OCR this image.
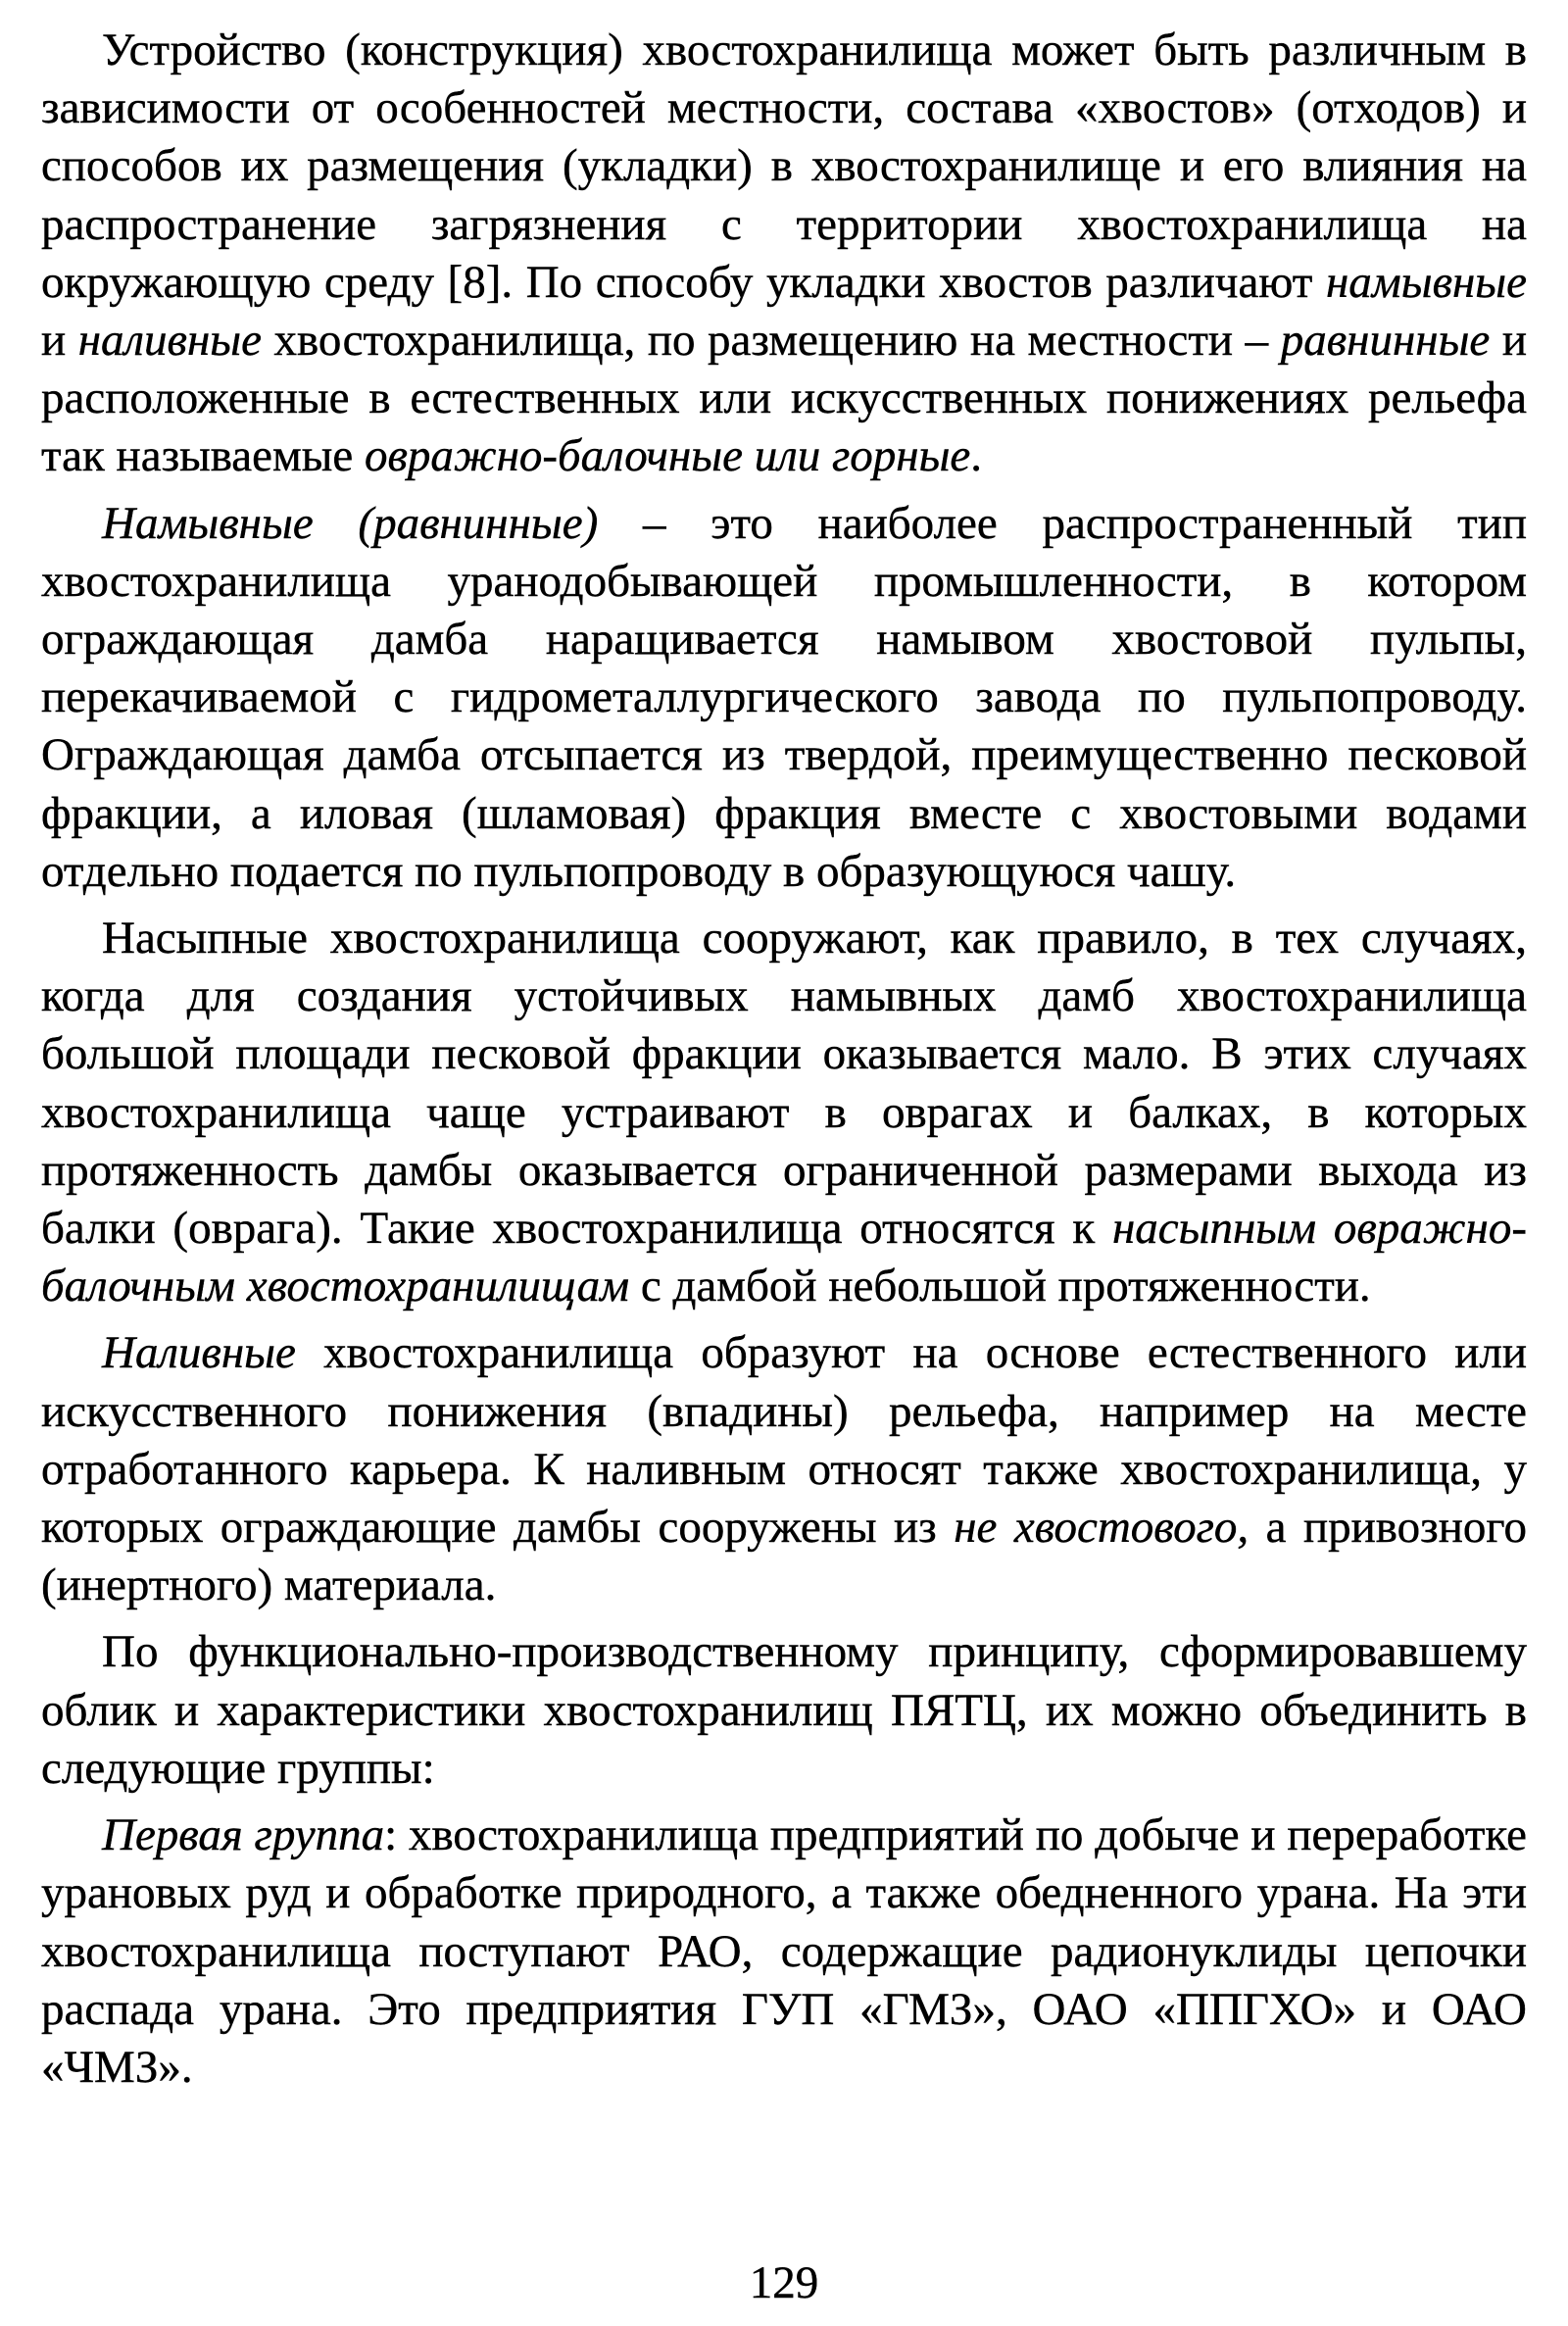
Устройство (конструкция) хвостохранилища может быть различным в зависимости от особенностей местности, состава «хвостов» (отходов) и способов их размещения (укладки) в хвостохранилище и его влияния на распространение загрязнения с территории хвостохранилища на окружающую среду [8]. По способу укладки хвостов различают намывные и наливные хвостохранилища, по размещению на местности – равнинные и расположенные в естественных или искусственных понижениях рельефа так называемые овражно-балочные или горные.

Намывные (равнинные) – это наиболее распространенный тип хвостохранилища уранодобывающей промышленности, в котором ограждающая дамба наращивается намывом хвостовой пульпы, перекачиваемой с гидрометаллургического завода по пульпопроводу. Ограждающая дамба отсыпается из твердой, преимущественно песковой фракции, а иловая (шламовая) фракция вместе с хвостовыми водами отдельно подается по пульпопроводу в образующуюся чашу.

Насыпные хвостохранилища сооружают, как правило, в тех случаях, когда для создания устойчивых намывных дамб хвостохранилища большой площади песковой фракции оказывается мало. В этих случаях хвостохранилища чаще устраивают в оврагах и балках, в которых протяженность дамбы оказывается ограниченной размерами выхода из балки (оврага). Такие хвостохранилища относятся к насыпным овражно-балочным хвостохранилищам с дамбой небольшой протяженности.

Наливные хвостохранилища образуют на основе естественного или искусственного понижения (впадины) рельефа, например на месте отработанного карьера. К наливным относят также хвостохранилища, у которых ограждающие дамбы сооружены из не хвостового, а привозного (инертного) материала.

По функционально-производственному принципу, сформировавшему облик и характеристики хвостохранилищ ПЯТЦ, их можно объединить в следующие группы:

Первая группа: хвостохранилища предприятий по добыче и переработке урановых руд и обработке природного, а также обедненного урана. На эти хвостохранилища поступают РАО, содержащие радионуклиды цепочки распада урана. Это предприятия ГУП «ГМЗ», ОАО «ППГХО» и ОАО «ЧМЗ».

129
